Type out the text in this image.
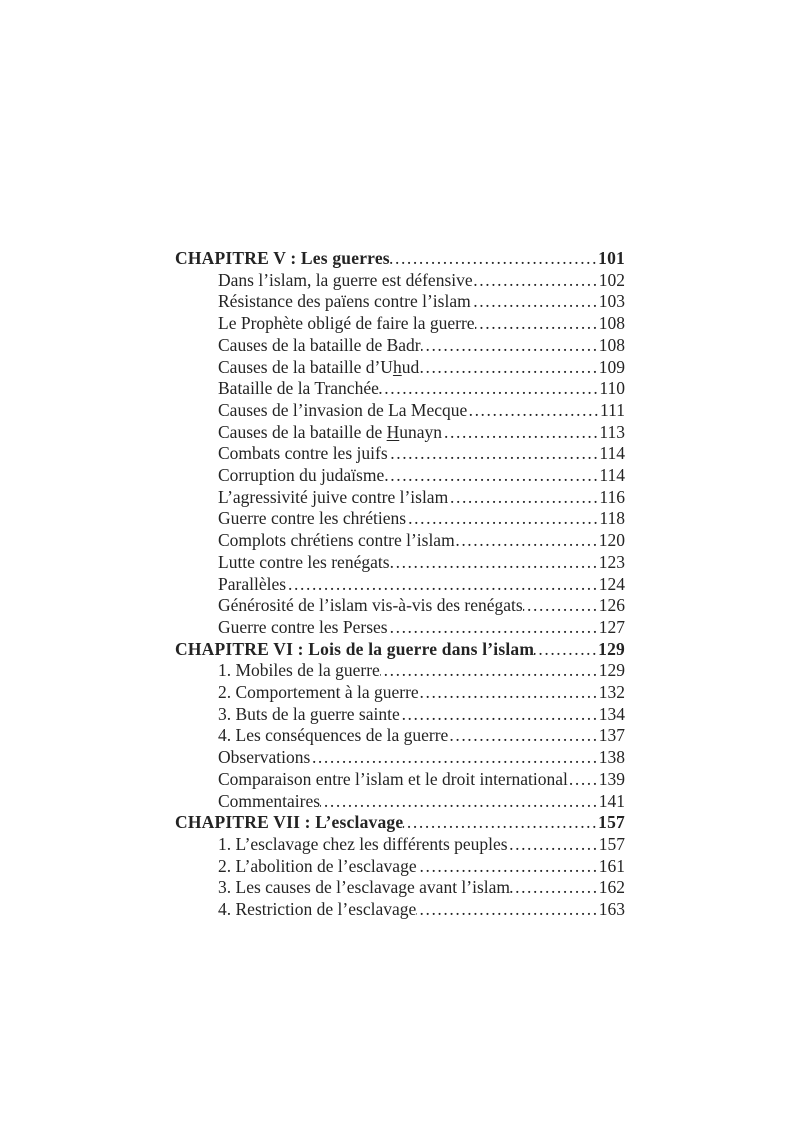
CHAPITRE V : Les guerres .....	101
Dans l’islam, la guerre est défensive .....	102
Résistance des païens contre l’islam .....	103
Le Prophète obligé de faire la guerre .....	108
Causes de la bataille de Badr .....	108
Causes de la bataille d’Uhud .....	109
Bataille de la Tranchée .....	110
Causes de l’invasion de La Mecque .....	111
Causes de la bataille de Hunayn .....	113
Combats contre les juifs .....	114
Corruption du judaïsme .....	114
L’agressivité juive contre l’islam .....	116
Guerre contre les chrétiens .....	118
Complots chrétiens contre l’islam .....	120
Lutte contre les renégats .....	123
Parallèles .....	124
Générosité de l’islam vis-à-vis des renégats .....	126
Guerre contre les Perses .....	127
CHAPITRE VI : Lois de la guerre dans l’islam .....	129
1. Mobiles de la guerre .....	129
2. Comportement à la guerre .....	132
3. Buts de la guerre sainte .....	134
4. Les conséquences de la guerre .....	137
Observations .....	138
Comparaison entre l’islam et le droit international ..... 139
Commentaires .....	141
CHAPITRE VII : L’esclavage .....	157
1. L’esclavage chez les différents peuples .....	157
2. L’abolition de l’esclavage .....	161
3. Les causes de l’esclavage avant l’islam .....	162
4. Restriction de l’esclavage .....	163
